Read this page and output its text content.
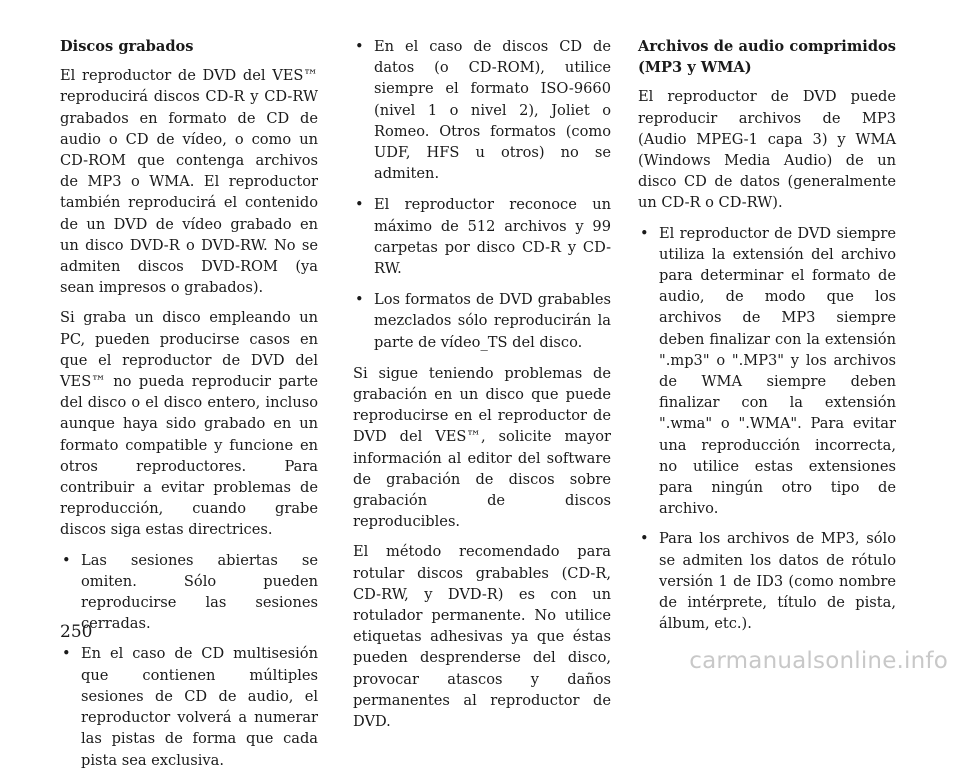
Discos grabados

El reproductor de DVD del VES™ reproducirá discos CD-R y CD-RW grabados en formato de CD de audio o CD de vídeo, o como un CD-ROM que contenga archivos de MP3 o WMA. El reproductor también reproducirá el contenido de un DVD de vídeo grabado en un disco DVD-R o DVD-RW. No se admiten discos DVD-ROM (ya sean impresos o grabados).

Si graba un disco empleando un PC, pueden producirse casos en que el reproductor de DVD del VES™ no pueda reproducir parte del disco o el disco entero, incluso aunque haya sido grabado en un formato compatible y funcione en otros reproductores. Para contribuir a evitar problemas de reproducción, cuando grabe discos siga estas directrices.

• Las sesiones abiertas se omiten. Sólo pueden reproducirse las sesiones cerradas.
• En el caso de CD multisesión que contienen múltiples sesiones de CD de audio, el reproductor volverá a numerar las pistas de forma que cada pista sea exclusiva.
• En el caso de discos CD de datos (o CD-ROM), utilice siempre el formato ISO-9660 (nivel 1 o nivel 2), Joliet o Romeo. Otros formatos (como UDF, HFS u otros) no se admiten.
• El reproductor reconoce un máximo de 512 archivos y 99 carpetas por disco CD-R y CD-RW.
• Los formatos de DVD grabables mezclados sólo reproducirán la parte de vídeo_TS del disco.

Si sigue teniendo problemas de grabación en un disco que puede reproducirse en el reproductor de DVD del VES™, solicite mayor información al editor del software de grabación de discos sobre grabación de discos reproducibles.

El método recomendado para rotular discos grabables (CD-R, CD-RW, y DVD-R) es con un rotulador permanente. No utilice etiquetas adhesivas ya que éstas pueden desprenderse del disco, provocar atascos y daños permanentes al reproductor de DVD.

Archivos de audio comprimidos (MP3 y WMA)

El reproductor de DVD puede reproducir archivos de MP3 (Audio MPEG-1 capa 3) y WMA (Windows Media Audio) de un disco CD de datos (generalmente un CD-R o CD-RW).

• El reproductor de DVD siempre utiliza la extensión del archivo para determinar el formato de audio, de modo que los archivos de MP3 siempre deben finalizar con la extensión ".mp3" o ".MP3" y los archivos de WMA siempre deben finalizar con la extensión ".wma" o ".WMA". Para evitar una reproducción incorrecta, no utilice estas extensiones para ningún otro tipo de archivo.
• Para los archivos de MP3, sólo se admiten los datos de rótulo versión 1 de ID3 (como nombre de intérprete, título de pista, álbum, etc.).
250
carmanualsonline.info
